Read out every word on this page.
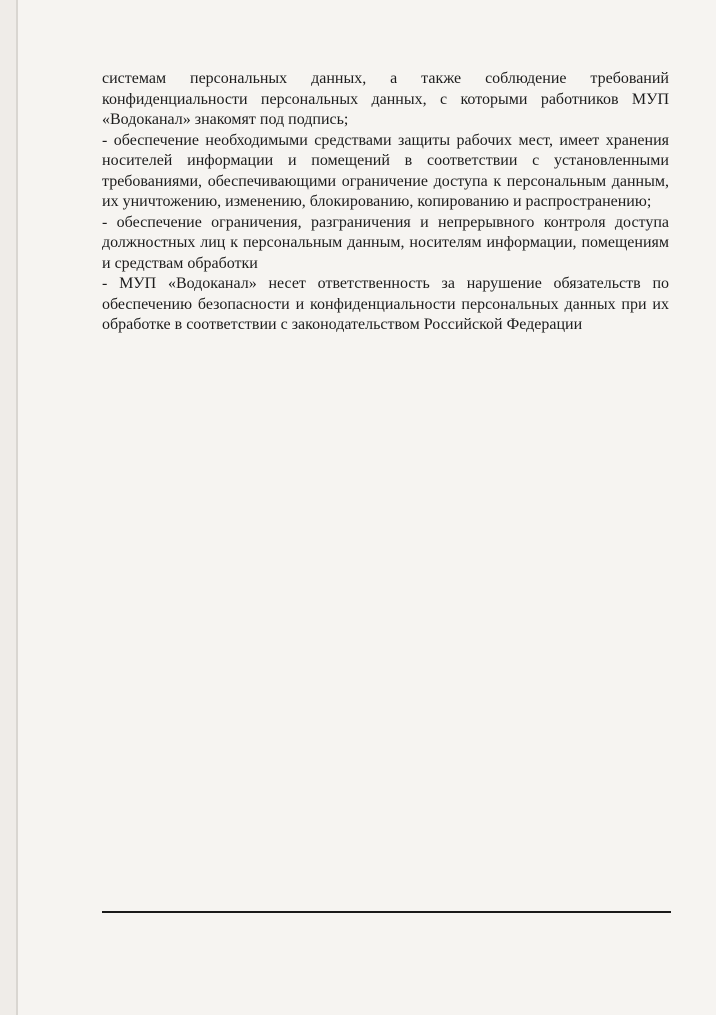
системам персональных данных, а также соблюдение требований конфиденциальности персональных данных, с которыми работников МУП «Водоканал» знакомят под подпись;

- обеспечение необходимыми средствами защиты рабочих мест, имеет хранения носителей информации и помещений в соответствии с установленными требованиями, обеспечивающими ограничение доступа к персональным данным, их уничтожению, изменению, блокированию, копированию и распространению;

- обеспечение ограничения, разграничения и непрерывного контроля доступа должностных лиц к персональным данным, носителям информации, помещениям и средствам обработки

- МУП «Водоканал» несет ответственность за нарушение обязательств по обеспечению безопасности и конфиденциальности персональных данных при их обработке в соответствии с законодательством Российской Федерации
